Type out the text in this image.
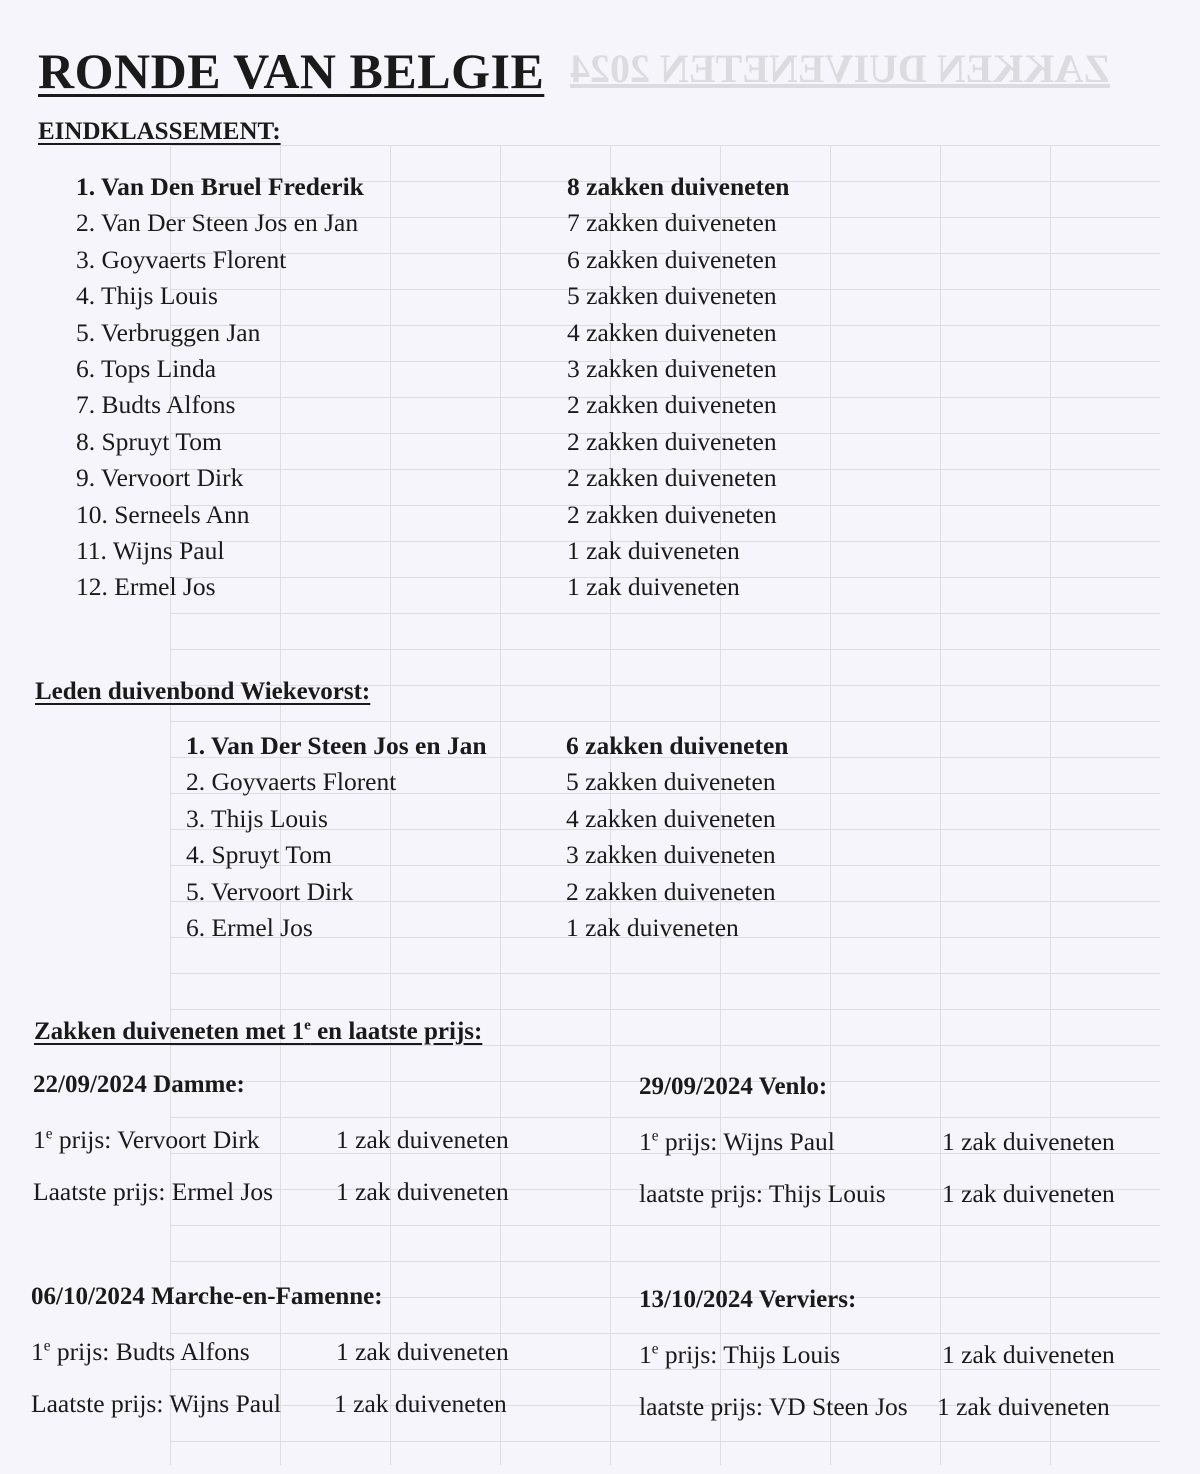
ZAKKEN DUIVENETEN 2024
RONDE VAN BELGIE
EINDKLASSEMENT:
1. Van Den Bruel Frederik	8 zakken duiveneten
2. Van Der Steen Jos en Jan	7 zakken duiveneten
3. Goyvaerts Florent	6 zakken duiveneten
4. Thijs Louis	5 zakken duiveneten
5. Verbruggen Jan	4 zakken duiveneten
6. Tops Linda	3 zakken duiveneten
7. Budts Alfons	2 zakken duiveneten
8. Spruyt Tom	2 zakken duiveneten
9. Vervoort Dirk	2 zakken duiveneten
10. Serneels Ann	2 zakken duiveneten
11. Wijns Paul	1 zak duiveneten
12. Ermel Jos	1 zak duiveneten
Leden duivenbond Wiekevorst:
1. Van Der Steen Jos en Jan	6 zakken duiveneten
2. Goyvaerts Florent	5 zakken duiveneten
3. Thijs Louis	4 zakken duiveneten
4. Spruyt Tom	3 zakken duiveneten
5. Vervoort Dirk	2 zakken duiveneten
6. Ermel Jos	1 zak duiveneten
Zakken duiveneten met 1e en laatste prijs:
22/09/2024 Damme:
1e prijs: Vervoort Dirk	1 zak duiveneten
Laatste prijs: Ermel Jos 1 zak duiveneten
29/09/2024 Venlo:
1e prijs: Wijns Paul	1 zak duiveneten
laatste prijs: Thijs Louis 1 zak duiveneten
06/10/2024 Marche-en-Famenne:
1e prijs: Budts Alfons	1 zak duiveneten
Laatste prijs: Wijns Paul 1 zak duiveneten
13/10/2024 Verviers:
1e prijs: Thijs Louis	1 zak duiveneten
laatste prijs: VD Steen Jos 1 zak duiveneten
